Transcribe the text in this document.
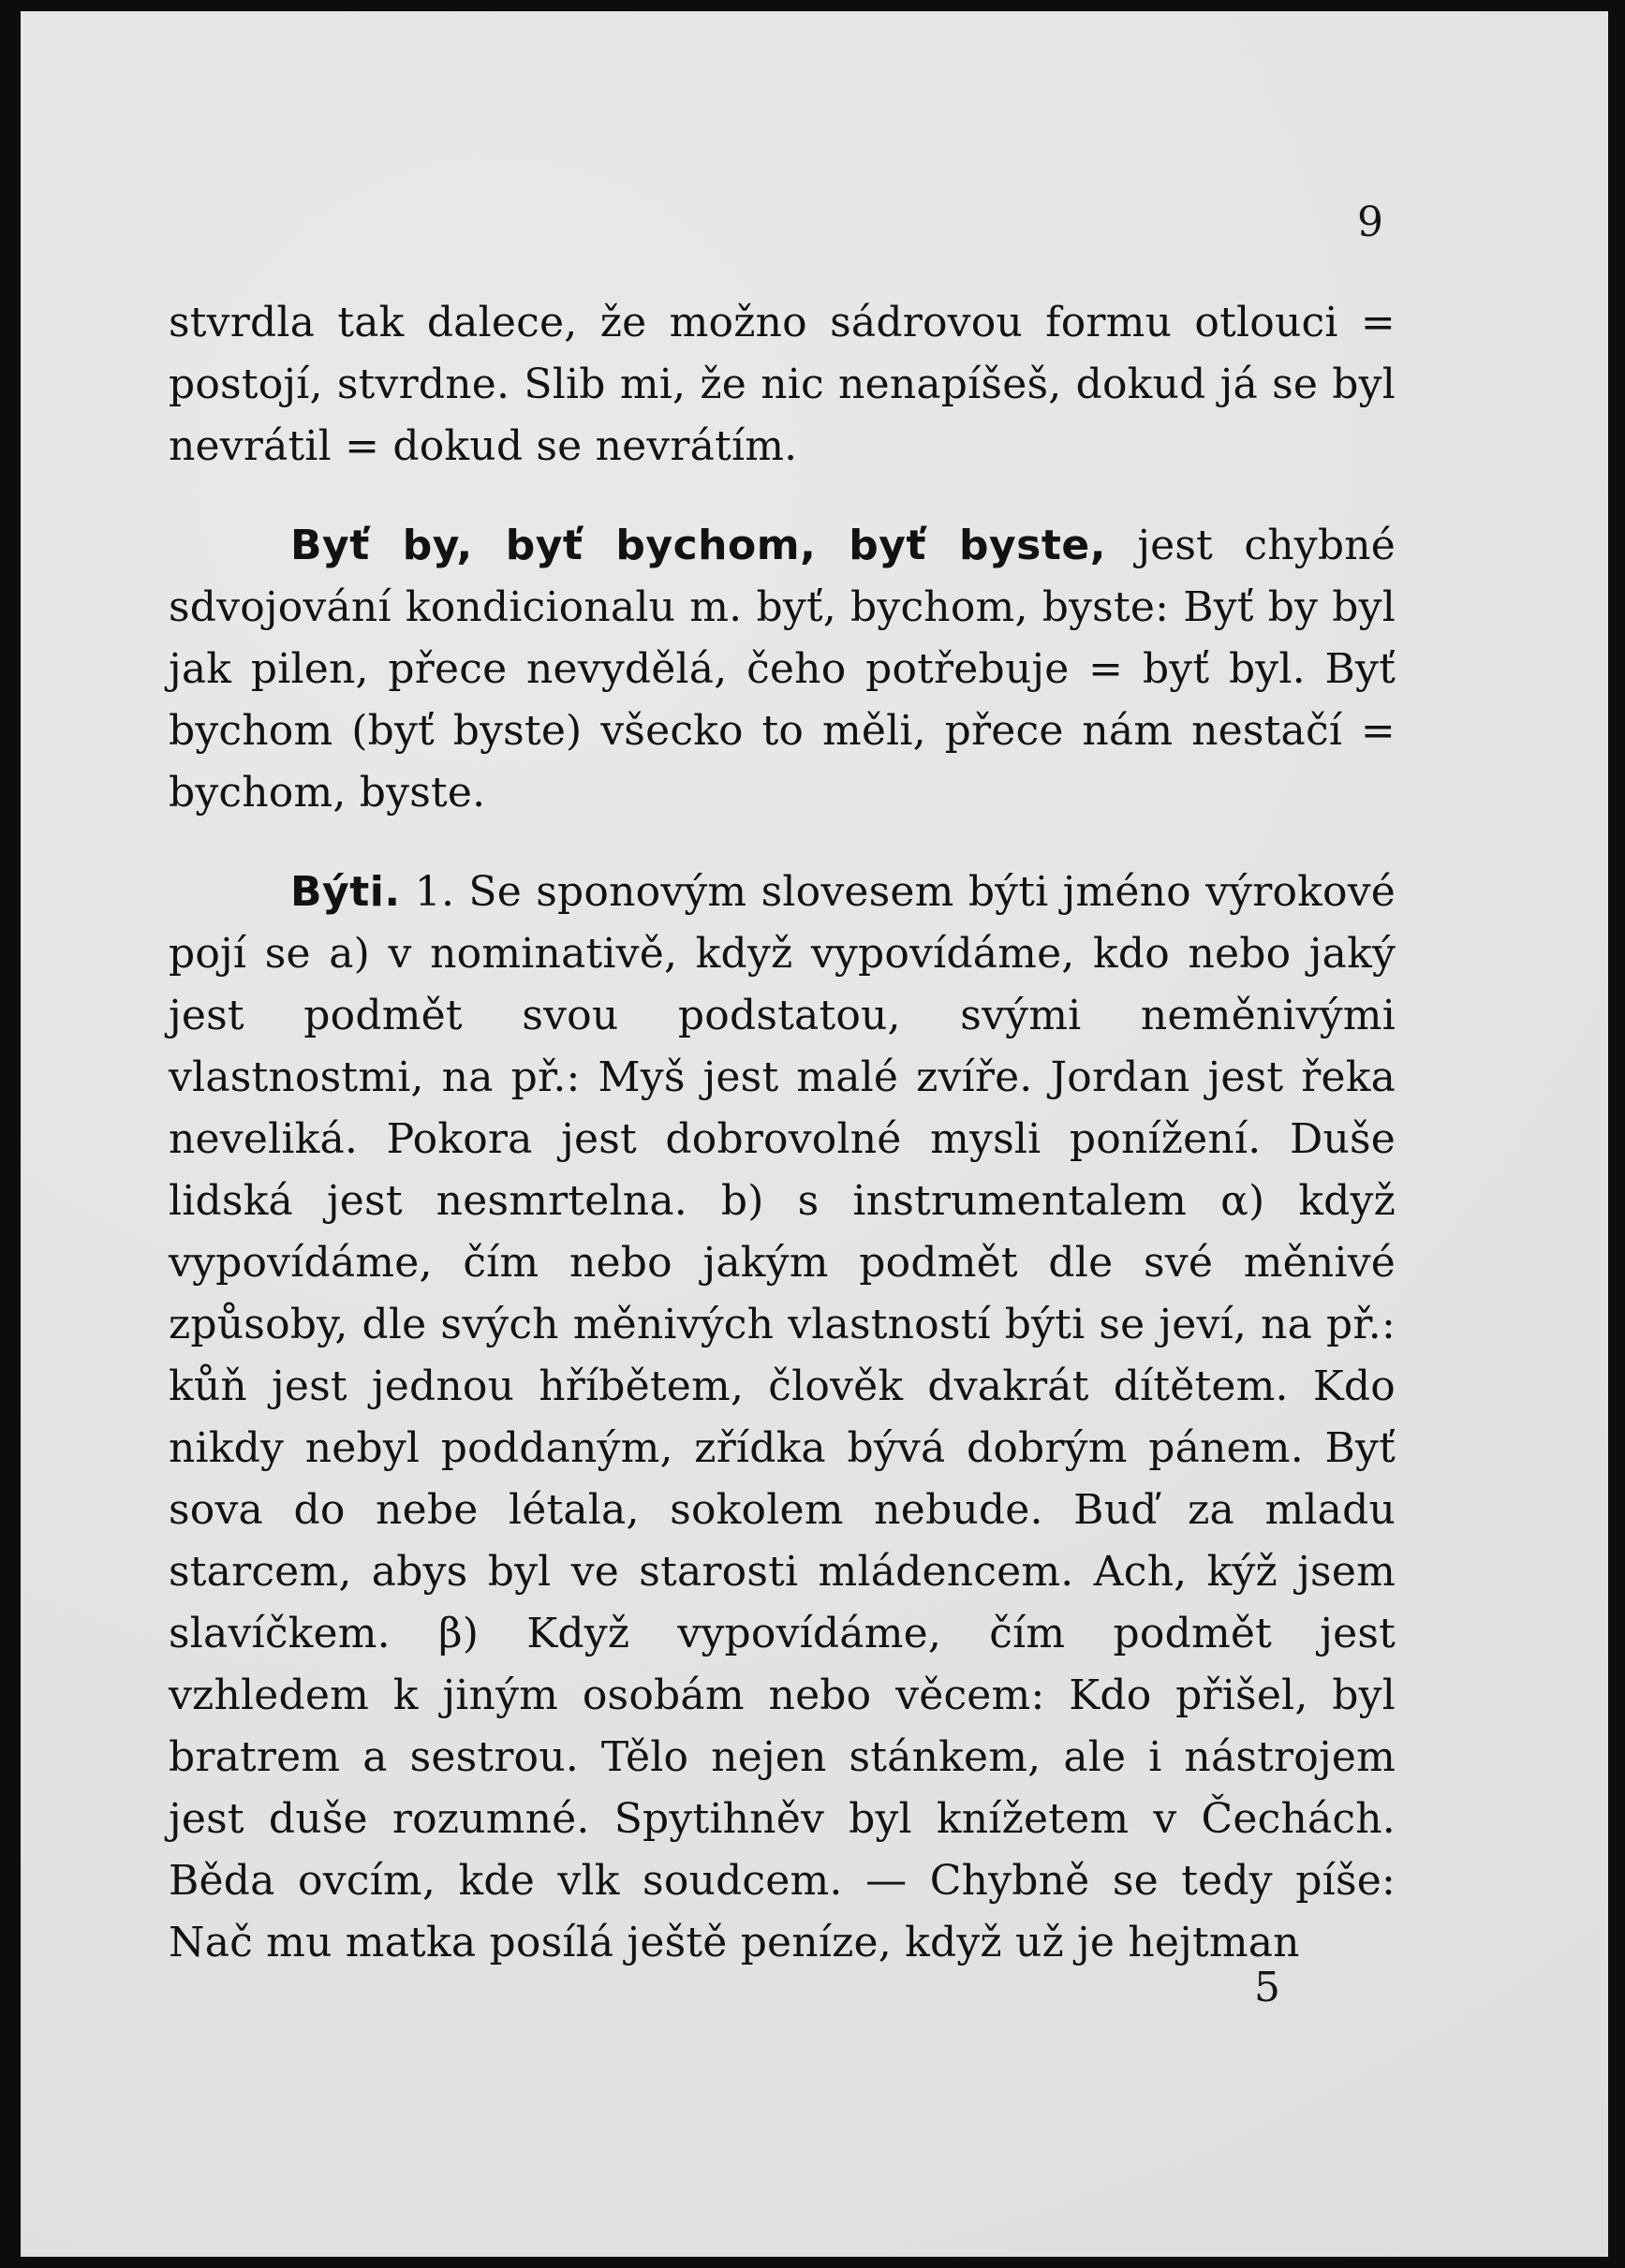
9

stvrdla tak dalece, že možno sádrovou formu otlouci = postojí, stvrdne. Slib mi, že nic nenapíšeš, dokud já se byl nevrátil = dokud se nevrátím.

Byť by, byť bychom, byť byste, jest chybné sdvojování kondicionalu m. byť, bychom, byste: Byť by byl jak pilen, přece nevydělá, čeho potřebuje = byť byl. Byť bychom (byť byste) všecko to měli, přece nám nestačí = bychom, byste.

Býti. 1. Se sponovým slovesem býti jméno výrokové pojí se a) v nominativě, když vypovídáme, kdo nebo jaký jest podmět svou podstatou, svými neměnivými vlastnostmi, na př.: Myš jest malé zvíře. Jordan jest řeka neveliká. Pokora jest dobrovolné mysli ponížení. Duše lidská jest nesmrtelna. b) s instrumentalem α) když vypovídáme, čím nebo jakým podmět dle své měnivé způsoby, dle svých měnivých vlastností býti se jeví, na př.: kůň jest jednou hříbětem, člověk dvakrát dítětem. Kdo nikdy nebyl poddaným, zřídka bývá dobrým pánem. Byť sova do nebe létala, sokolem nebude. Buď za mladu starcem, abys byl ve starosti mládencem. Ach, kýž jsem slavíčkem. β) Když vypovídáme, čím podmět jest vzhledem k jiným osobám nebo věcem: Kdo přišel, byl bratrem a sestrou. Tělo nejen stánkem, ale i nástrojem jest duše rozumné. Spytihněv byl knížetem v Čechách. Běda ovcím, kde vlk soudcem. — Chybně se tedy píše: Nač mu matka posílá ještě peníze, když už je hejtman

5
